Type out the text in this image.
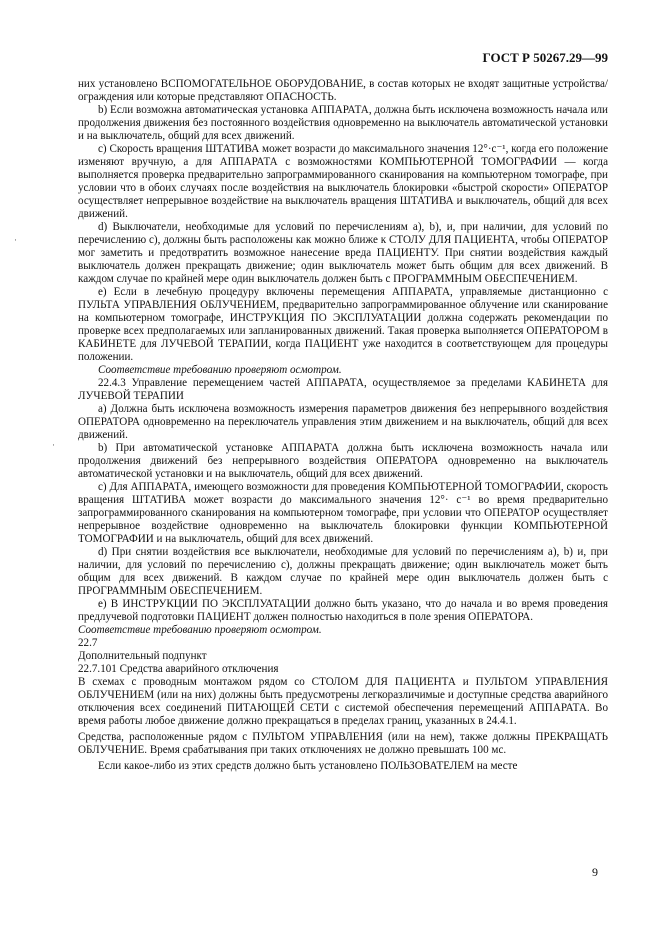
ГОСТ Р 50267.29—99
·
·

них установлено ВСПОМОГАТЕЛЬНОЕ ОБОРУДОВАНИЕ, в состав которых не входят защитные устройства/ограждения или которые представляют ОПАСНОСТЬ.

b) Если возможна автоматическая установка АППАРАТА, должна быть исключена возможность начала или продолжения движения без постоянного воздействия одновременно на выключатель автоматической установки и на выключатель, общий для всех движений.

с) Скорость вращения ШТАТИВА может возрасти до максимального значения 12°·с⁻¹, когда его положение изменяют вручную, а для АППАРАТА с возможностями КОМПЬЮТЕРНОЙ ТОМОГРАФИИ — когда выполняется проверка предварительно запрограммированного сканирования на компьютерном томографе, при условии что в обоих случаях после воздействия на выключатель блокировки «быстрой скорости» ОПЕРАТОР осуществляет непрерывное воздействие на выключатель вращения ШТАТИВА и выключатель, общий для всех движений.

d) Выключатели, необходимые для условий по перечислениям а), b), и, при наличии, для условий по перечислению с), должны быть расположены как можно ближе к СТОЛУ ДЛЯ ПАЦИЕНТА, чтобы ОПЕРАТОР мог заметить и предотвратить возможное нанесение вреда ПАЦИЕНТУ. При снятии воздействия каждый выключатель должен прекращать движение; один выключатель может быть общим для всех движений. В каждом случае по крайней мере один выключатель должен быть с ПРОГРАММНЫМ ОБЕСПЕЧЕНИЕМ.

е) Если в лечебную процедуру включены перемещения АППАРАТА, управляемые дистанционно с ПУЛЬТА УПРАВЛЕНИЯ ОБЛУЧЕНИЕМ, предварительно запрограммированное облучение или сканирование на компьютерном томографе, ИНСТРУКЦИЯ ПО ЭКСПЛУАТАЦИИ должна содержать рекомендации по проверке всех предполагаемых или запланированных движений. Такая проверка выполняется ОПЕРАТОРОМ в КАБИНЕТЕ для ЛУЧЕВОЙ ТЕРАПИИ, когда ПАЦИЕНТ уже находится в соответствующем для процедуры положении.

Соответствие требованию проверяют осмотром.

22.4.3 Управление перемещением частей АППАРАТА, осуществляемое за пределами КАБИНЕТА для ЛУЧЕВОЙ ТЕРАПИИ

а) Должна быть исключена возможность измерения параметров движения без непрерывного воздействия ОПЕРАТОРА одновременно на переключатель управления этим движением и на выключатель, общий для всех движений.

b) При автоматической установке АППАРАТА должна быть исключена возможность начала или продолжения движений без непрерывного воздействия ОПЕРАТОРА одновременно на выключатель автоматической установки и на выключатель, общий для всех движений.

с) Для АППАРАТА, имеющего возможности для проведения КОМПЬЮТЕРНОЙ ТОМОГРАФИИ, скорость вращения ШТАТИВА может возрасти до максимального значения 12°· с⁻¹ во время предварительно запрограммированного сканирования на компьютерном томографе, при условии что ОПЕРАТОР осуществляет непрерывное воздействие одновременно на выключатель блокировки функции КОМПЬЮТЕРНОЙ ТОМОГРАФИИ и на выключатель, общий для всех движений.

d) При снятии воздействия все выключатели, необходимые для условий по перечислениям а), b) и, при наличии, для условий по перечислению с), должны прекращать движение; один выключатель может быть общим для всех движений. В каждом случае по крайней мере один выключатель должен быть с ПРОГРАММНЫМ ОБЕСПЕЧЕНИЕМ.

е) В ИНСТРУКЦИИ ПО ЭКСПЛУАТАЦИИ должно быть указано, что до начала и во время проведения предлучевой подготовки ПАЦИЕНТ должен полностью находиться в поле зрения ОПЕРАТОРА.

Соответствие требованию проверяют осмотром.

22.7

Дополнительный подпункт

22.7.101 Средства аварийного отключения

В схемах с проводным монтажом рядом со СТОЛОМ ДЛЯ ПАЦИЕНТА и ПУЛЬТОМ УПРАВЛЕНИЯ ОБЛУЧЕНИЕМ (или на них) должны быть предусмотрены легкоразличимые и доступные средства аварийного отключения всех соединений ПИТАЮЩЕЙ СЕТИ с системой обеспечения перемещений АППАРАТА. Во время работы любое движение должно прекращаться в пределах границ, указанных в 24.4.1.

Средства, расположенные рядом с ПУЛЬТОМ УПРАВЛЕНИЯ (или на нем), также должны ПРЕКРАЩАТЬ ОБЛУЧЕНИЕ. Время срабатывания при таких отключениях не должно превышать 100 мс.

Если какое-либо из этих средств должно быть установлено ПОЛЬЗОВАТЕЛЕМ на месте

9
